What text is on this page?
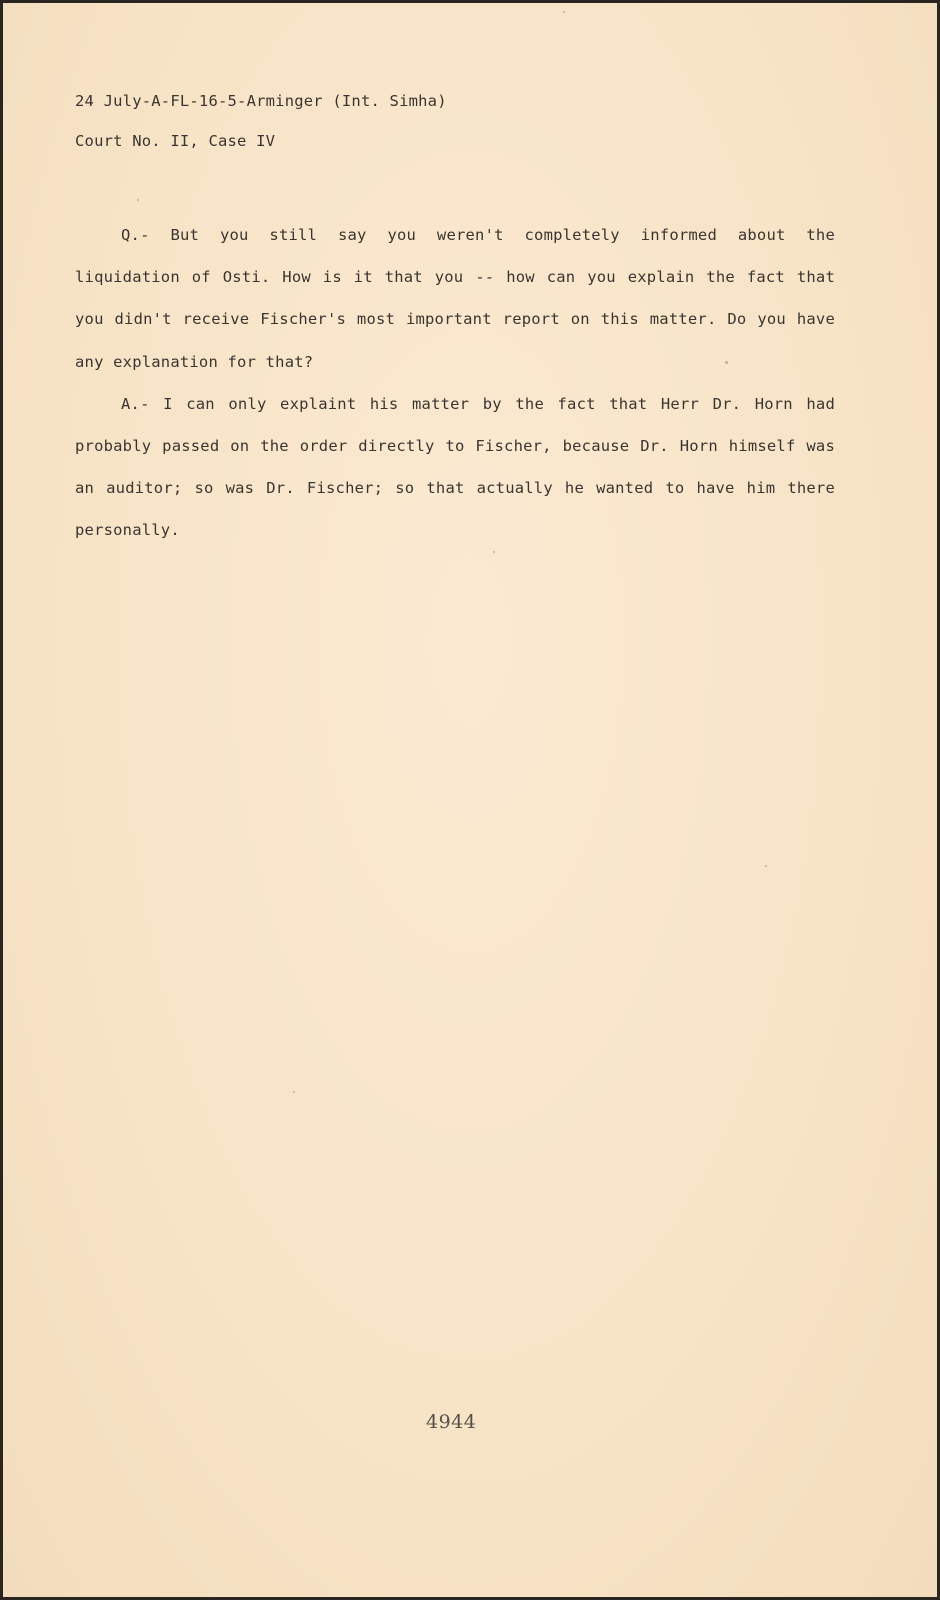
24 July-A-FL-16-5-Arminger (Int. Simha)

Court No. II, Case IV

Q.- But you still say you weren't completely informed about the liquidation of Osti. How is it that you -- how can you explain the fact that you didn't receive Fischer's most important report on this matter. Do you have any explanation for that?

A.- I can only explaint his matter by the fact that Herr Dr. Horn had probably passed on the order directly to Fischer, because Dr. Horn himself was an auditor; so was Dr. Fischer; so that actually he wanted to have him there personally.

4944
